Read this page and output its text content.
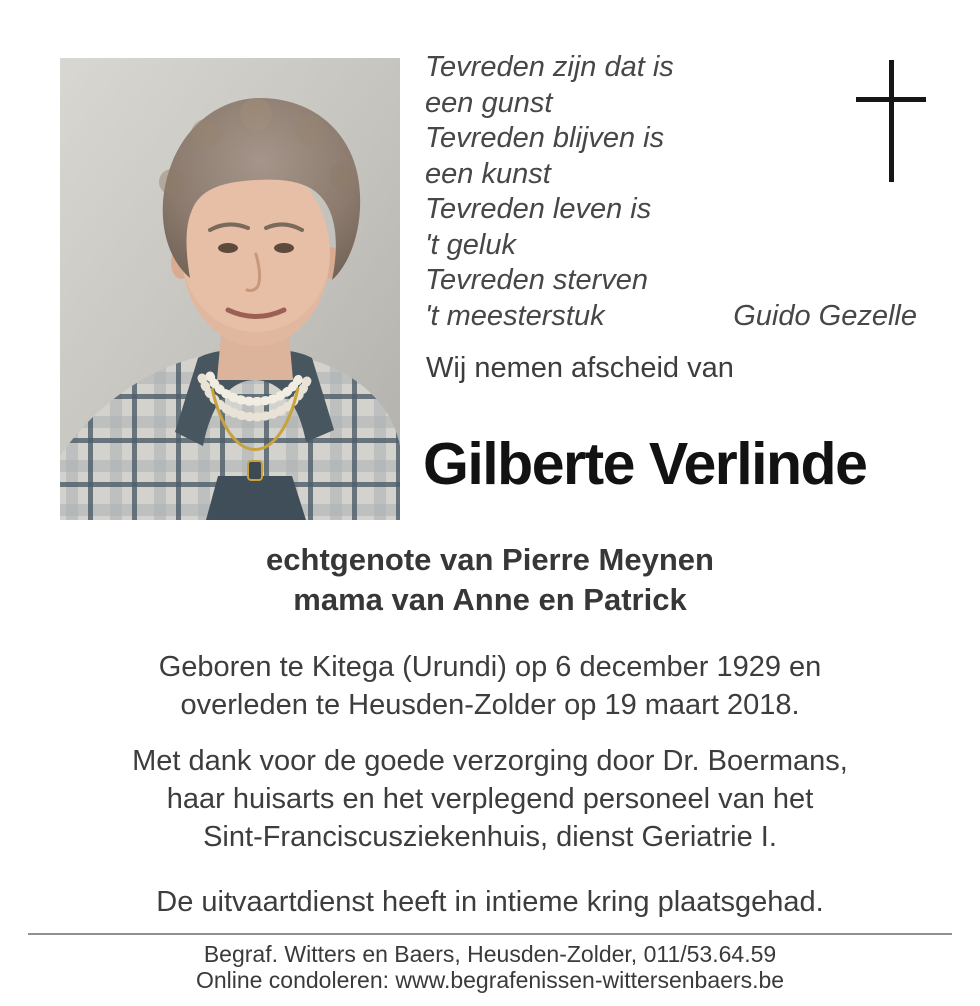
Tevreden zijn dat is
een gunst
Tevreden blijven is
een kunst
Tevreden leven is
't geluk
Tevreden sterven
't meesterstuk	Guido Gezelle
Wij nemen afscheid van
Gilberte Verlinde
echtgenote van Pierre Meynen
mama van Anne en Patrick
Geboren te Kitega (Urundi) op 6 december 1929 en
overleden te Heusden-Zolder op 19 maart 2018.
Met dank voor de goede verzorging door Dr. Boermans,
haar huisarts en het verplegend personeel van het
Sint-Franciscusziekenhuis, dienst Geriatrie I.
De uitvaartdienst heeft in intieme kring plaatsgehad.
Begraf. Witters en Baers, Heusden-Zolder, 011/53.64.59
Online condoleren: www.begrafenissen-wittersenbaers.be
